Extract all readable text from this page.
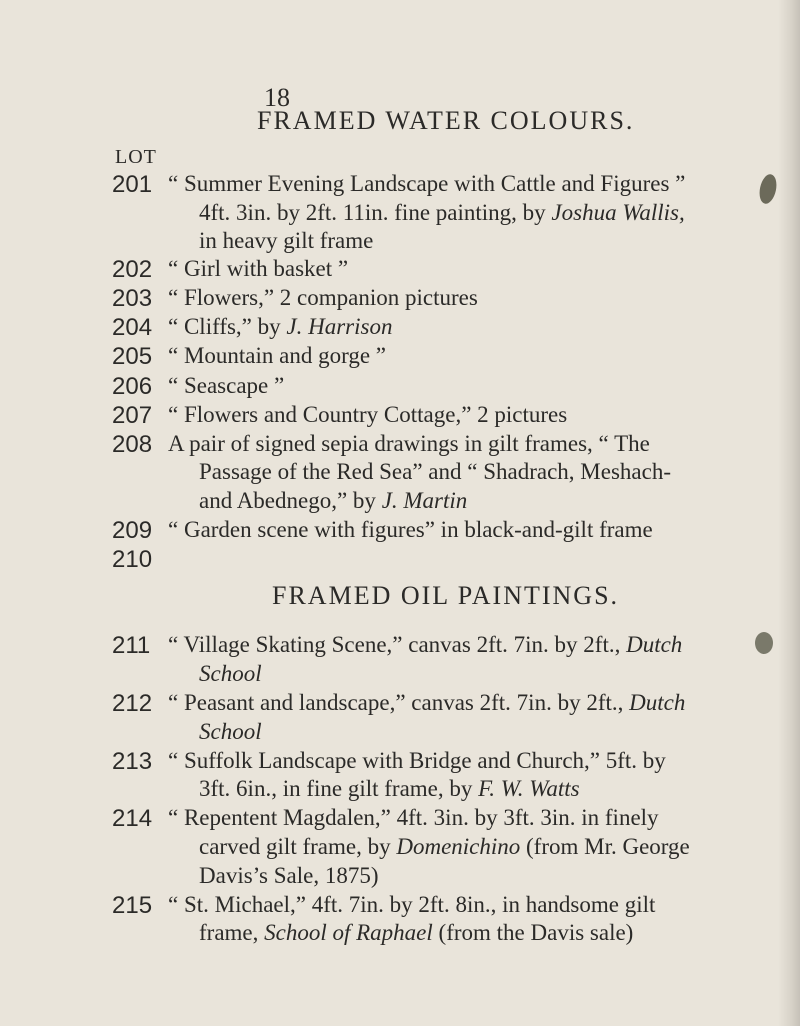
18
FRAMED WATER COLOURS.
LOT
201 “ Summer Evening Landscape with Cattle and Figures ”
4ft. 3in. by 2ft. 11in. fine painting, by Joshua Wallis,
in heavy gilt frame
202 “ Girl with basket ”
203 “ Flowers,” 2 companion pictures
204 “ Cliffs,” by J. Harrison
205 “ Mountain and gorge ”
206 “ Seascape ”
207 “ Flowers and Country Cottage,” 2 pictures
208 A pair of signed sepia drawings in gilt frames, “ The
Passage of the Red Sea” and “ Shadrach, Meshach-
and Abednego,” by J. Martin
209 “ Garden scene with figures” in black-and-gilt frame
210
FRAMED OIL PAINTINGS.
211 “ Village Skating Scene,” canvas 2ft. 7in. by 2ft., Dutch
School
212 “ Peasant and landscape,” canvas 2ft. 7in. by 2ft., Dutch
School
213 “ Suffolk Landscape with Bridge and Church,” 5ft. by
3ft. 6in., in fine gilt frame, by F. W. Watts
214 “ Repentent Magdalen,” 4ft. 3in. by 3ft. 3in. in finely
carved gilt frame, by Domenichino (from Mr. George
Davis’s Sale, 1875)
215 “ St. Michael,” 4ft. 7in. by 2ft. 8in., in handsome gilt
frame, School of Raphael (from the Davis sale)
